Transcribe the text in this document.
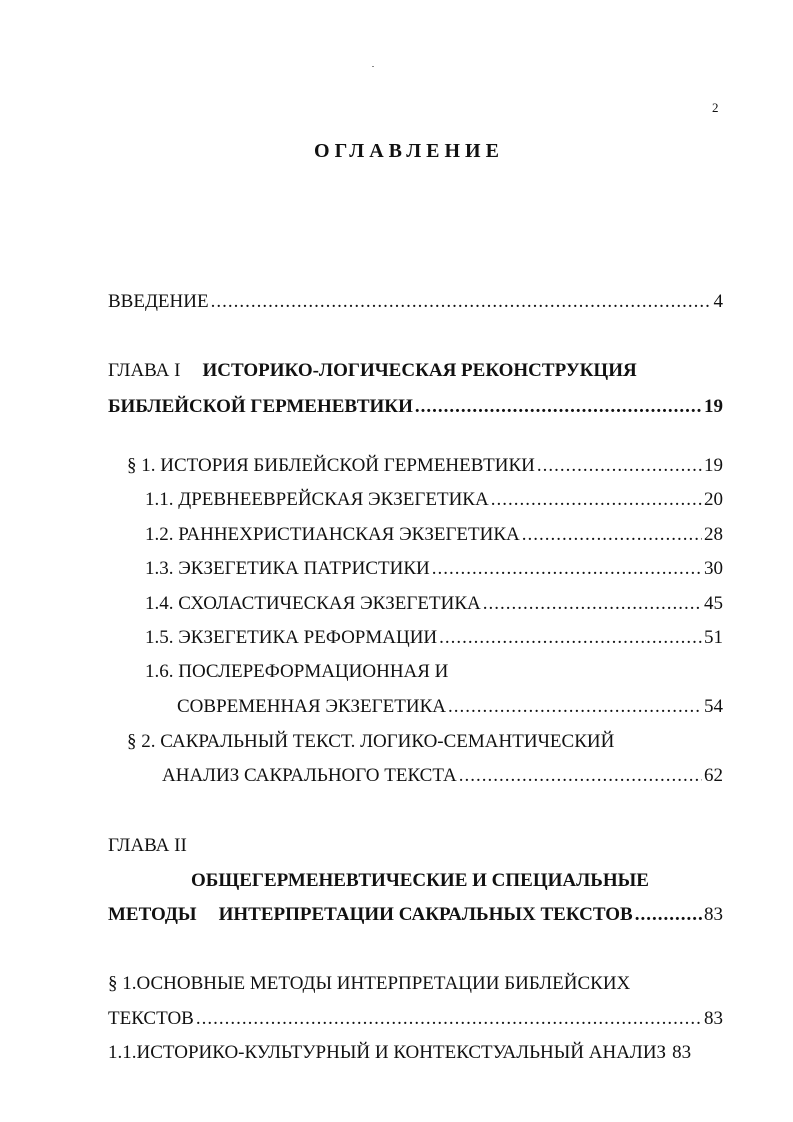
2
ОГЛАВЛЕНИЕ
ВВЕДЕНИЕ .....	4
ГЛАВА I ИСТОРИКО-ЛОГИЧЕСКАЯ РЕКОНСТРУКЦИЯ
БИБЛЕЙСКОЙ ГЕРМЕНЕВТИКИ .....	19
§ 1. ИСТОРИЯ БИБЛЕЙСКОЙ ГЕРМЕНЕВТИКИ .....	19
1.1. ДРЕВНЕЕВРЕЙСКАЯ ЭКЗЕГЕТИКА .....	20
1.2. РАННЕХРИСТИАНСКАЯ ЭКЗЕГЕТИКА .....	28
1.3. ЭКЗЕГЕТИКА ПАТРИСТИКИ .....	30
1.4. СХОЛАСТИЧЕСКАЯ ЭКЗЕГЕТИКА .....	45
1.5. ЭКЗЕГЕТИКА РЕФОРМАЦИИ .....	51
1.6. ПОСЛЕРЕФОРМАЦИОННАЯ И
СОВРЕМЕННАЯ ЭКЗЕГЕТИКА .....	54
§ 2. САКРАЛЬНЫЙ ТЕКСТ. ЛОГИКО-СЕМАНТИЧЕСКИЙ
АНАЛИЗ САКРАЛЬНОГО ТЕКСТА .....	62
ГЛАВА II
ОБЩЕГЕРМЕНЕВТИЧЕСКИЕ И СПЕЦИАЛЬНЫЕ
МЕТОДЫ ИНТЕРПРЕТАЦИИ САКРАЛЬНЫХ ТЕКСТОВ .....	83
§ 1.ОСНОВНЫЕ МЕТОДЫ ИНТЕРПРЕТАЦИИ БИБЛЕЙСКИХ
ТЕКСТОВ .....	83
1.1.ИСТОРИКО-КУЛЬТУРНЫЙ И КОНТЕКСТУАЛЬНЫЙ АНАЛИЗ 83
